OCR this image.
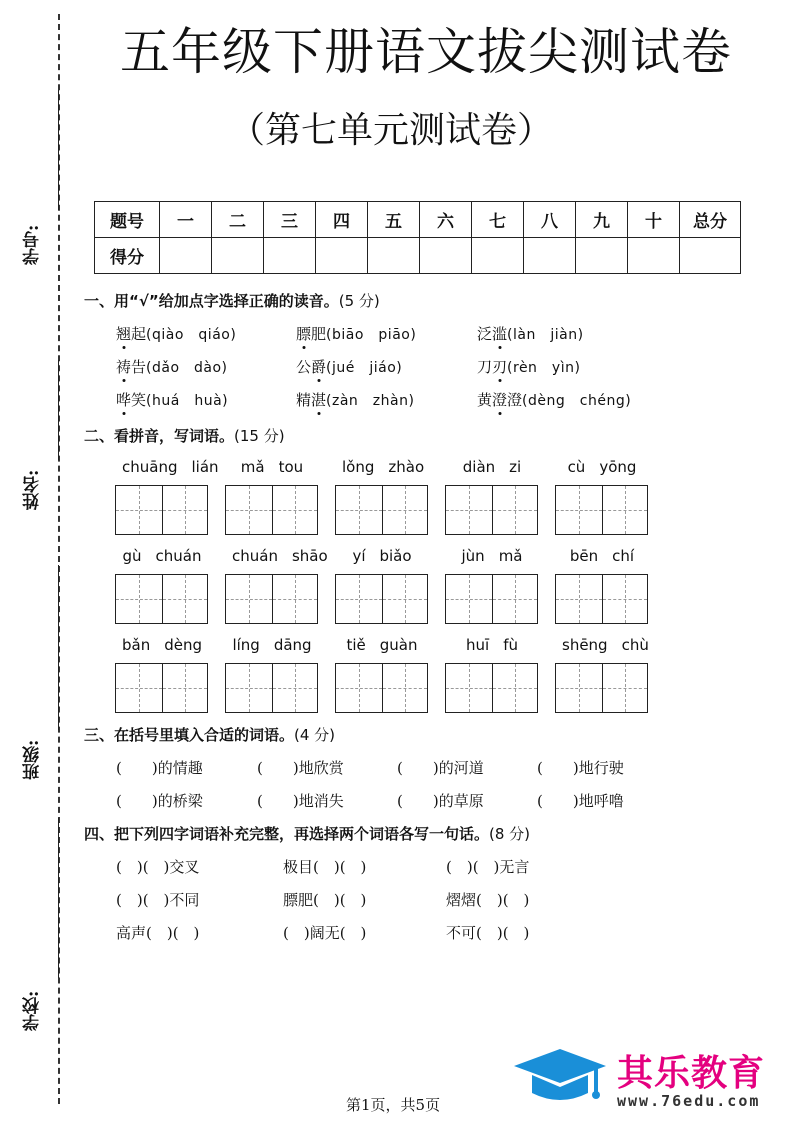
学号:
姓名:
班级:
学校:
五年级下册语文拔尖测试卷
（第七单元测试卷）
题号	一	二	三	四	五	六	七	八	九	十	总分
得分											
一、用“√”给加点字选择正确的读音。(5 分)
翘起(qiào　qiáo)	膘肥(biāo　piāo)	泛滥(làn　jiàn)
祷告(dǎo　dào)	公爵(jué　jiáo)	刀刃(rèn　yìn)
哗笑(huá　huà)	精湛(zàn　zhàn)	黄澄澄(dèng　chéng)
二、看拼音，写词语。(15 分)
chuāng lián	mǎ tou	lǒng zhào	diàn zi	cù yōng
gù chuán	chuán shāo	yí biǎo	jùn mǎ	bēn chí
bǎn dèng	líng dāng	tiě guàn	huī fù	shēng chù
三、在括号里填入合适的词语。(4 分)
(　　)的情趣	(　　)地欣赏	(　　)的河道	(　　)地行驶
(　　)的桥梁	(　　)地消失	(　　)的草原	(　　)地呼噜
四、把下列四字词语补充完整，再选择两个词语各写一句话。(8 分)
(　)(　)交叉	极目(　)(　)	(　)(　)无言
(　)(　)不同	膘肥(　)(　)	熠熠(　)(　)
高声(　)(　)	(　)阔无(　)	不可(　)(　)
第1页，共5页
其乐教育
www.76edu.com
